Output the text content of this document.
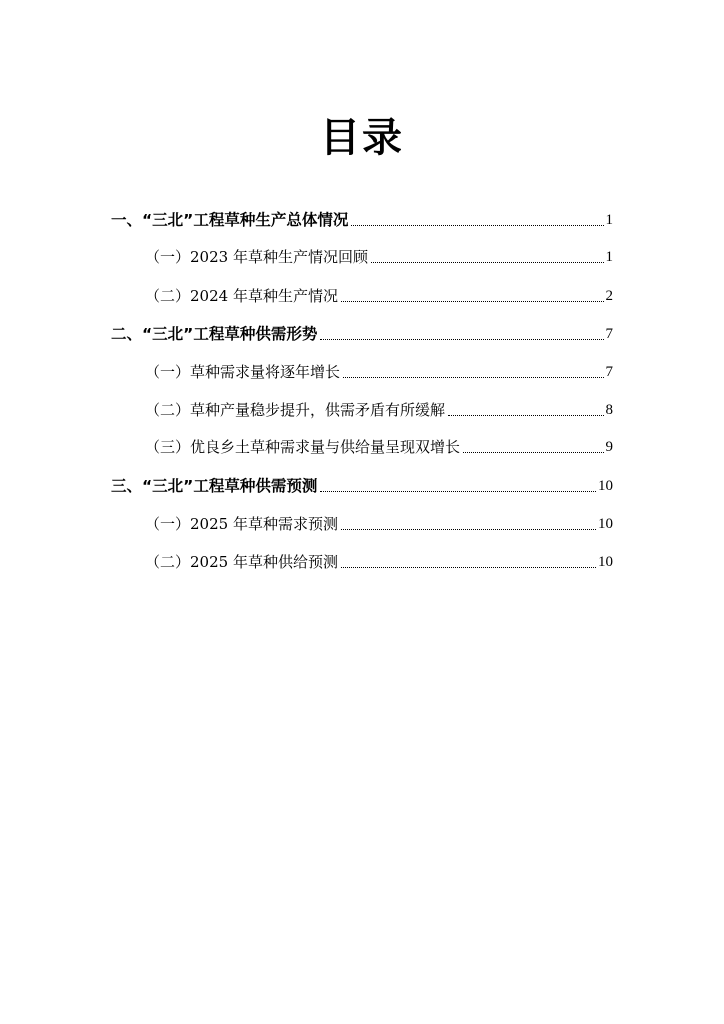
目录
一、“三北”工程草种生产总体情况	1
（一）2023 年草种生产情况回顾	1
（二）2024 年草种生产情况	2
二、“三北”工程草种供需形势	7
（一）草种需求量将逐年增长	7
（二）草种产量稳步提升，供需矛盾有所缓解	8
（三）优良乡土草种需求量与供给量呈现双增长	9
三、“三北”工程草种供需预测	10
（一）2025 年草种需求预测	10
（二）2025 年草种供给预测	10
